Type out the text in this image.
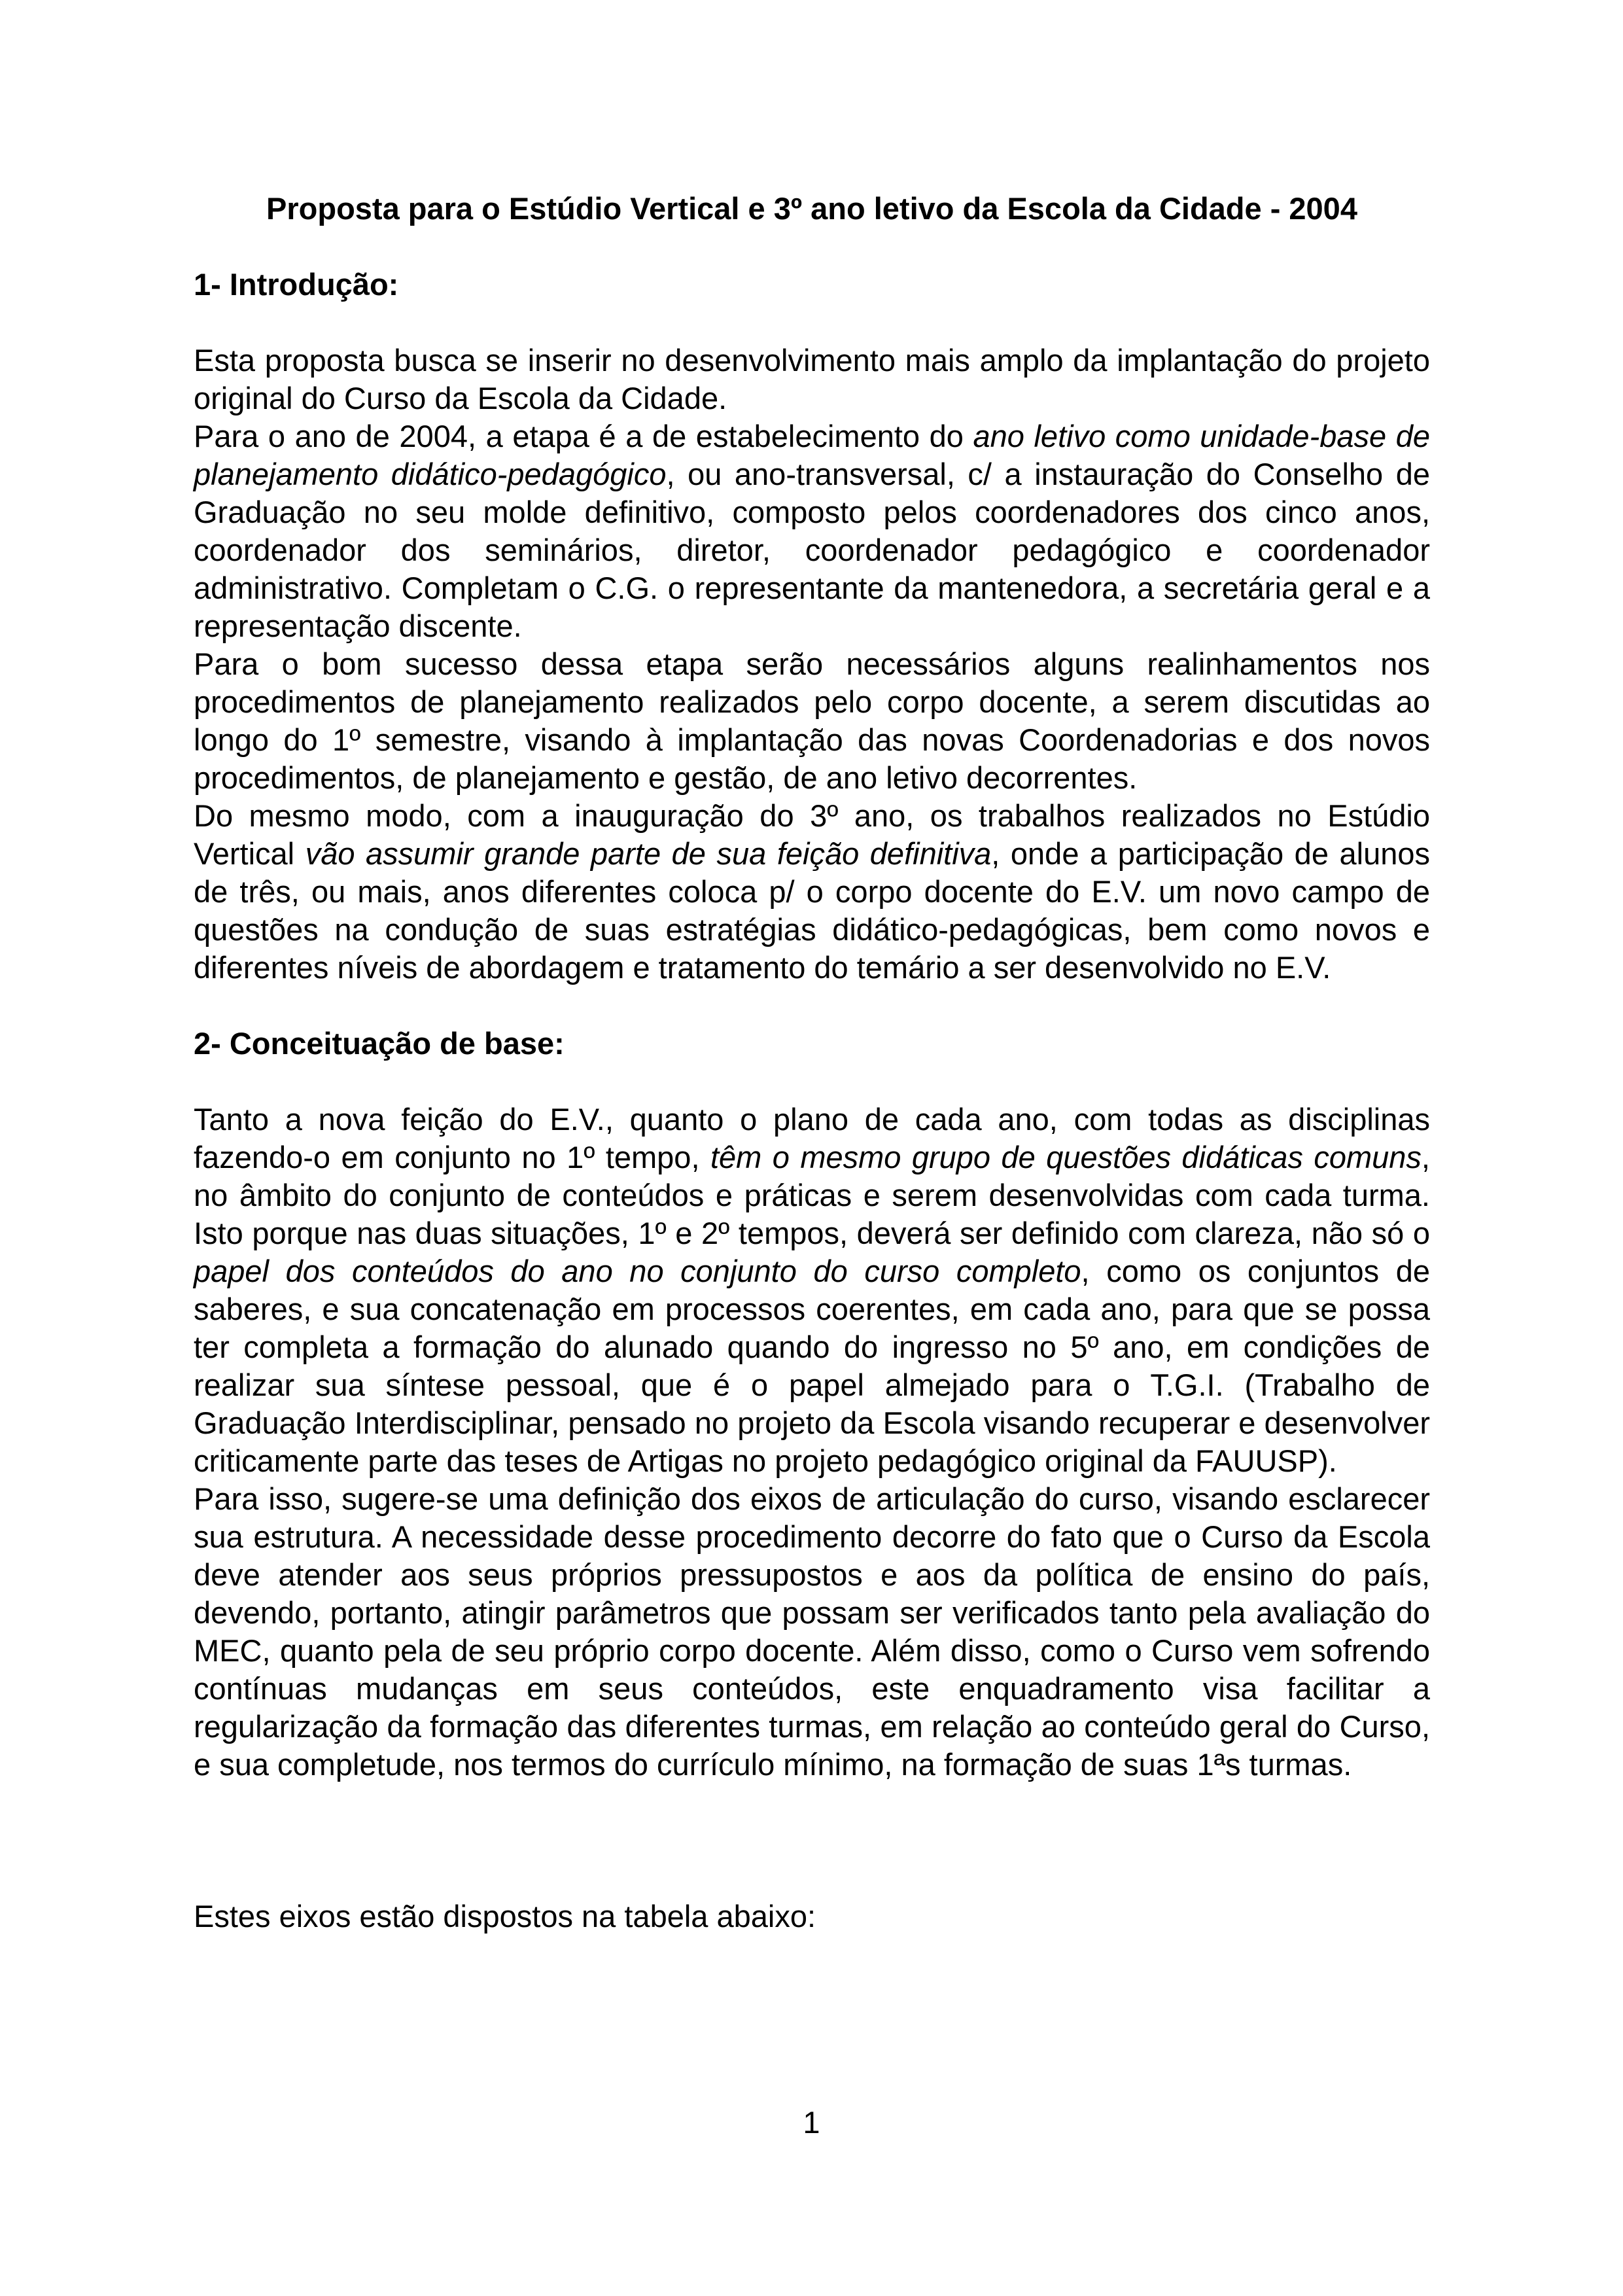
Proposta para o Estúdio Vertical e 3º ano letivo da Escola da Cidade - 2004
1- Introdução:

Esta proposta busca se inserir no desenvolvimento mais amplo da implantação do projeto original do Curso da Escola da Cidade.

Para o ano de 2004, a etapa é a de estabelecimento do ano letivo como unidade-base de planejamento didático-pedagógico, ou ano-transversal, c/ a instauração do Conselho de Graduação no seu molde definitivo, composto pelos coordenadores dos cinco anos, coordenador dos seminários, diretor, coordenador pedagógico e coordenador administrativo. Completam o C.G. o representante da mantenedora, a secretária geral e a representação discente.

Para o bom sucesso dessa etapa serão necessários alguns realinhamentos nos procedimentos de planejamento realizados pelo corpo docente, a serem discutidas ao longo do 1º semestre, visando à implantação das novas Coordenadorias e dos novos procedimentos, de planejamento e gestão, de ano letivo decorrentes.

Do mesmo modo, com a inauguração do 3º ano, os trabalhos realizados no Estúdio Vertical vão assumir grande parte de sua feição definitiva, onde a participação de alunos de três, ou mais, anos diferentes coloca p/ o corpo docente do E.V. um novo campo de questões na condução de suas estratégias didático-pedagógicas, bem como novos e diferentes níveis de abordagem e tratamento do temário a ser desenvolvido no E.V.

2- Conceituação de base:

Tanto a nova feição do E.V., quanto o plano de cada ano, com todas as disciplinas fazendo-o em conjunto no 1º tempo, têm o mesmo grupo de questões didáticas comuns, no âmbito do conjunto de conteúdos e práticas e serem desenvolvidas com cada turma. Isto porque nas duas situações, 1º e 2º tempos, deverá ser definido com clareza, não só o papel dos conteúdos do ano no conjunto do curso completo, como os conjuntos de saberes, e sua concatenação em processos coerentes, em cada ano, para que se possa ter completa a formação do alunado quando do ingresso no 5º ano, em condições de realizar sua síntese pessoal, que é o papel almejado para o T.G.I. (Trabalho de Graduação Interdisciplinar, pensado no projeto da Escola visando recuperar e desenvolver criticamente parte das teses de Artigas no projeto pedagógico original da FAUUSP).

Para isso, sugere-se uma definição dos eixos de articulação do curso, visando esclarecer sua estrutura. A necessidade desse procedimento decorre do fato que o Curso da Escola deve atender aos seus próprios pressupostos e aos da política de ensino do país, devendo, portanto, atingir parâmetros que possam ser verificados tanto pela avaliação do MEC, quanto pela de seu próprio corpo docente. Além disso, como o Curso vem sofrendo contínuas mudanças em seus conteúdos, este enquadramento visa facilitar a regularização da formação das diferentes turmas, em relação ao conteúdo geral do Curso, e sua completude, nos termos do currículo mínimo, na formação de suas 1ªs turmas.

Estes eixos estão dispostos na tabela abaixo:

1
